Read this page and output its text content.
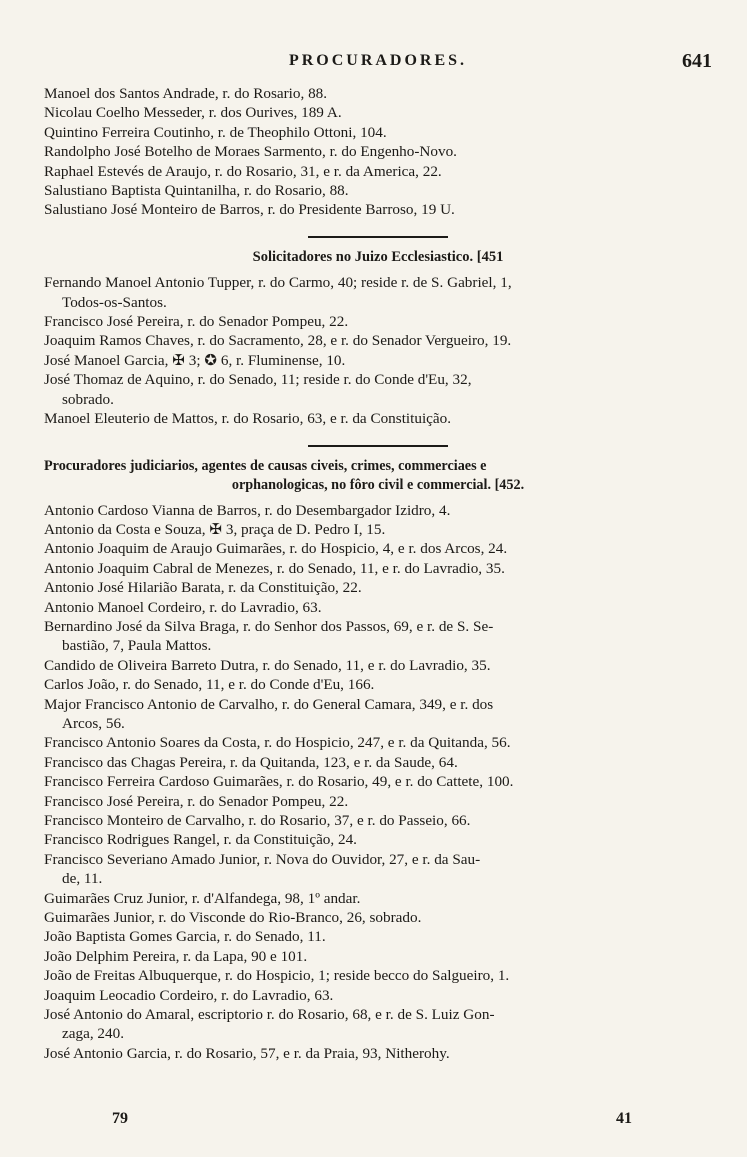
PROCURADORES.	641
Manoel dos Santos Andrade, r. do Rosario, 88.
Nicolau Coelho Messeder, r. dos Ourives, 189 A.
Quintino Ferreira Coutinho, r. de Theophilo Ottoni, 104.
Randolpho José Botelho de Moraes Sarmento, r. do Engenho-Novo.
Raphael Estevés de Araujo, r. do Rosario, 31, e r. da America, 22.
Salustiano Baptista Quintanilha, r. do Rosario, 88.
Salustiano José Monteiro de Barros, r. do Presidente Barroso, 19 U.
Solicitadores no Juizo Ecclesiastico. [451
Fernando Manoel Antonio Tupper, r. do Carmo, 40; reside r. de S. Gabriel, 1,
Todos-os-Santos.
Francisco José Pereira, r. do Senador Pompeu, 22.
Joaquim Ramos Chaves, r. do Sacramento, 28, e r. do Senador Vergueiro, 19.
José Manoel Garcia, ✠ 3; ✪ 6, r. Fluminense, 10.
José Thomaz de Aquino, r. do Senado, 11; reside r. do Conde d'Eu, 32,
sobrado.
Manoel Eleuterio de Mattos, r. do Rosario, 63, e r. da Constituição.
Procuradores judiciarios, agentes de causas civeis, crimes, commerciaes e
orphanologicas, no fôro civil e commercial. [452.
Antonio Cardoso Vianna de Barros, r. do Desembargador Izidro, 4.
Antonio da Costa e Souza, ✠ 3, praça de D. Pedro I, 15.
Antonio Joaquim de Araujo Guimarães, r. do Hospicio, 4, e r. dos Arcos, 24.
Antonio Joaquim Cabral de Menezes, r. do Senado, 11, e r. do Lavradio, 35.
Antonio José Hilarião Barata, r. da Constituição, 22.
Antonio Manoel Cordeiro, r. do Lavradio, 63.
Bernardino José da Silva Braga, r. do Senhor dos Passos, 69, e r. de S. Se-
bastião, 7, Paula Mattos.
Candido de Oliveira Barreto Dutra, r. do Senado, 11, e r. do Lavradio, 35.
Carlos João, r. do Senado, 11, e r. do Conde d'Eu, 166.
Major Francisco Antonio de Carvalho, r. do General Camara, 349, e r. dos
Arcos, 56.
Francisco Antonio Soares da Costa, r. do Hospicio, 247, e r. da Quitanda, 56.
Francisco das Chagas Pereira, r. da Quitanda, 123, e r. da Saude, 64.
Francisco Ferreira Cardoso Guimarães, r. do Rosario, 49, e r. do Cattete, 100.
Francisco José Pereira, r. do Senador Pompeu, 22.
Francisco Monteiro de Carvalho, r. do Rosario, 37, e r. do Passeio, 66.
Francisco Rodrigues Rangel, r. da Constituição, 24.
Francisco Severiano Amado Junior, r. Nova do Ouvidor, 27, e r. da Sau-
de, 11.
Guimarães Cruz Junior, r. d'Alfandega, 98, 1º andar.
Guimarães Junior, r. do Visconde do Rio-Branco, 26, sobrado.
João Baptista Gomes Garcia, r. do Senado, 11.
João Delphim Pereira, r. da Lapa, 90 e 101.
João de Freitas Albuquerque, r. do Hospicio, 1; reside becco do Salgueiro, 1.
Joaquim Leocadio Cordeiro, r. do Lavradio, 63.
José Antonio do Amaral, escriptorio r. do Rosario, 68, e r. de S. Luiz Gon-
zaga, 240.
José Antonio Garcia, r. do Rosario, 57, e r. da Praia, 93, Nitherohy.
79	41
